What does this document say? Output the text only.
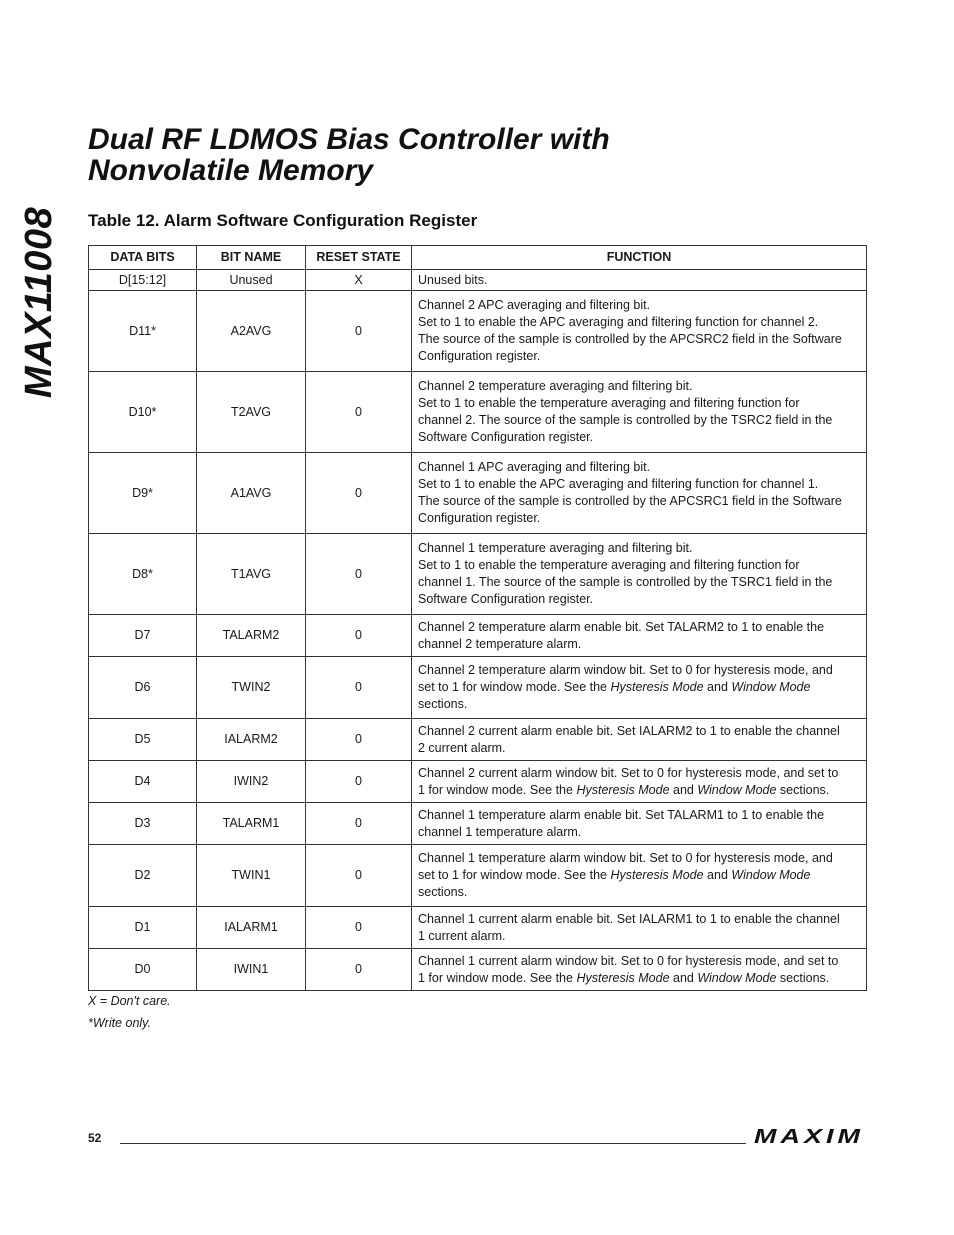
MAX11008
Dual RF LDMOS Bias Controller with
Nonvolatile Memory
Table 12. Alarm Software Configuration Register
DATA BITS	BIT NAME	RESET STATE	FUNCTION
D[15:12]	Unused	X	Unused bits.
D11*	A2AVG	0	Channel 2 APC averaging and filtering bit.
Set to 1 to enable the APC averaging and filtering function for channel 2.
The source of the sample is controlled by the APCSRC2 field in the Software
Configuration register.

D10*	T2AVG	0	Channel 2 temperature averaging and filtering bit.
Set to 1 to enable the temperature averaging and filtering function for
channel 2. The source of the sample is controlled by the TSRC2 field in the
Software Configuration register.

D9*	A1AVG	0	Channel 1 APC averaging and filtering bit.
Set to 1 to enable the APC averaging and filtering function for channel 1.
The source of the sample is controlled by the APCSRC1 field in the Software
Configuration register.

D8*	T1AVG	0	Channel 1 temperature averaging and filtering bit.
Set to 1 to enable the temperature averaging and filtering function for
channel 1. The source of the sample is controlled by the TSRC1 field in the
Software Configuration register.

D7	TALARM2	0	Channel 2 temperature alarm enable bit. Set TALARM2 to 1 to enable the
channel 2 temperature alarm.

D6	TWIN2	0	Channel 2 temperature alarm window bit. Set to 0 for hysteresis mode, and
set to 1 for window mode. See the Hysteresis Mode and Window Mode
sections.

D5	IALARM2	0	Channel 2 current alarm enable bit. Set IALARM2 to 1 to enable the channel
2 current alarm.

D4	IWIN2	0	Channel 2 current alarm window bit. Set to 0 for hysteresis mode, and set to
1 for window mode. See the Hysteresis Mode and Window Mode sections.

D3	TALARM1	0	Channel 1 temperature alarm enable bit. Set TALARM1 to 1 to enable the
channel 1 temperature alarm.

D2	TWIN1	0	Channel 1 temperature alarm window bit. Set to 0 for hysteresis mode, and
set to 1 for window mode. See the Hysteresis Mode and Window Mode
sections.

D1	IALARM1	0	Channel 1 current alarm enable bit. Set IALARM1 to 1 to enable the channel
1 current alarm.

D0	IWIN1	0	Channel 1 current alarm window bit. Set to 0 for hysteresis mode, and set to
1 for window mode. See the Hysteresis Mode and Window Mode sections.
X = Don't care.
*Write only.
52	MAXIM
